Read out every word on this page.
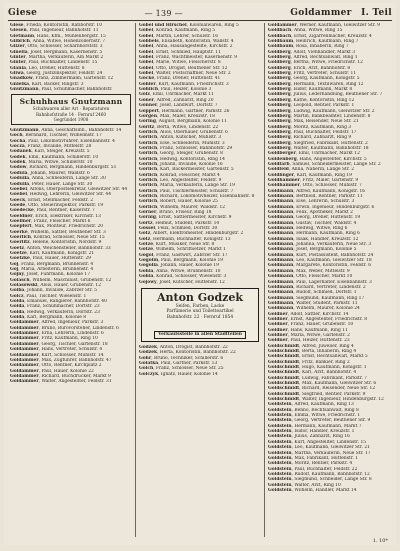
Giese	— 139 —	Goldammer I. Teil
Giese, Frieda, Kontoristin, Ratiborstr. 10
Giesen, Paul, Ingenieur, Bahnhofstr. 11
Gietmann, Hans, Kfm., Mühlenbergstr. 15
Gilbrich, Anna, Witwe, Hohenzollernstr. 7
Gilzer, Otto, Schlosser, Scharnhorststr. 3
Ginella, Josef, Bergmann, Kasernenstr. 5
Ginter, Martha, Verkäuferin, Am Markt 2
Ginter, Paul, Buchhalter, Lindenstr. 15
Glania, Leo, Dreher, Hüttenstr. 8
Gliwa, Georg, Justizinspektor, Feldstr. 24
Gnadkow, Franz, Zimmermann, Gartenstr. 12
Gnielka, Karl, Bäcker, Ringstr. 3
Gnutzmann, Paul, Schuhmacher, Bahnhofstr.
Schuhhaus Gnutzmann
Schuhwaren aller Art · Reparaturen
Bahnhofstraße 14 · Fernruf 2460
Gegründet 1908
Gnutzmann, Anna, Geschäftsinh., Bahnhofstr. 14
Goch, Bernhard, Tischler, Wilhelmstr. 17
Gocha, Paul, Lokomotivführer, Eisenbahnstr. 4
Gocza, Franz, Invalide, Mittelstr. 28
Godanek, Karl, Steiger, Kreuzstr. 5
Godek, Emil, Kaufmann, Schillerstr. 10
Godek, Maria, Witwe, Schillerstr. 10
Godow, Richard, Bergmann, Hindenburgstr. 51
Godula, Johann, Maurer, Waldstr. 6
Godulla, Anna, Schneiderin, Lange Str. 30
Godulla, Peter, Hauer, Lange Str. 30
Goebel, Alfons, Oberpostsekretär, Gleiwitzer Str. 44
Goebel, Hedwig, Lehrerin, Gleiwitzer Str. 44
Goeck, Ernst, Stellmacher, Feldstr. 2
Goede, Otto, Steuerinspektor, Parkstr. 19
Goedecke, Paul, Rentner, Kaiserstr. 7
Goeldner, Erich, Elektriker, Kirchstr. 13
Goellner, Franz, Fleischer, Markt 6
Goepfert, Max, Monteur, Friedrichstr. 20
Goerke, Wilhelm, Sattler, Beuthener Str. 3
Goerlich, Konrad, Schlosser, Neue Str. 15
Goerlitz, Helene, Kontoristin, Nordstr. 9
Goetz, Anton, Weichensteller, Bahnhofstr. 33
Goetze, Karl, Kaufmann, Königstr. 21
Goetzke, Paul, Hauer, Hüttenstr. 29
Goj, Franz, Bergmann, Brunnenstr. 4
Goj, Maria, Arbeiterin, Brunnenstr. 4
Gojny, Josef, Fuhrmann, Kolonie 17
Golasch, Wilhelm, Maschinist, Grubenstr. 12
Golasowski, Alois, Hauer, Grubenstr. 12
Golba, Johann, Invalide, Zabrzer Str. 5
Golcz, Paul, Tischler, Wiesenstr. 1
Golda, Emanuel, Rangierer, Bahnhofstr. 40
Golda, Franz, Schuhmacher, Dorfstr. 23
Golda, Hedwig, Verkäuferin, Dorfstr. 23
Golda, Karl, Bergmann, Kolonie 8
Goldammer, Alfred, Ingenieur, Parkstr. 3
Goldammer, Bruno, Bürovorsteher, Lindenstr. 6
Goldammer, Erna, Lehrerin, Lindenstr. 6
Goldammer, Fritz, Kaufmann, Ring 10
Goldammer, Georg, Tischler, Gartenstr. 18
Goldammer, Hans, Vertreter, Schulstr. 4
Goldammer, Kurt, Schlosser, Mühlstr. 14
Goldammer, Max, Zugführer, Bahnhofstr. 47
Goldammer, Otto, Rentner, Kirchplatz 2
Goldammer, Paul, Hauer, Kolonie 22
Goldammer, Richard, Buchdrucker, Markt 9
Goldammer, Walter, Angestellter, Feldstr. 31
Gobel und Hirschel, Kolonialwaren, Ring 5
Göbel, Konrad, Kaufmann, Ring 5
Göbel, Martin, Lehrer, Schulstr. 16
Göbbels, Elisabeth, Kontoristin, Wallstr. 4
Göbel, Anna, Hausangestellte, Kirchstr. 2
Göbel, Ernst, Schmied, Hauptstr. 11
Göbel, Franz, Wachtmeister, Kasernenstr. 9
Göbel, Marie, Witwe, Fleischerstr. 8
Göbel, Otto, Drogist, Beuthener Str. 12
Göbel, Walter, Postschaffner, Neue Str. 2
Göcke, Franz, Dreher, Hüttenstr. 41
Göhler, Kurt, Kaufmann, Friedrichstr. 3
Göhlich, Paul, Heizer, Kolonie 3
Gölz, Emil, Uhrmacher, Markt 11
Göner, Alfred, Zahnarzt, Ring 20
Gönner, Josef, Landwirt, Dorfstr. 7
Göppert, Hermann, Gärtner, Parkstr. 26
Görgen, Max, Maler, Kreuzstr. 18
Göring, August, Bergmann, Kolonie 11
Göritz, Berta, Witwe, Lindenstr. 22
Görlich, Alois, Oberhäuer, Grubenstr. 6
Görlich, Anton, Kutscher, Mühlstr. 3
Görlich, Else, Schneiderin, Mühlstr. 3
Görlich, Franz, Schlosser, Bahnhofstr. 29
Görlich, Georg, Steiger, Grubenstr. 8
Görlich, Hedwig, Kontoristin, Ring 14
Görlich, Johann, Invalide, Kolonie 16
Görlich, Karl, Bäckermeister, Gartenstr. 5
Görlich, Konrad, Fleischer, Markt 4
Görlich, Leo, Angestellter, Feldstr. 9
Görlich, Maria, Verkäuferin, Lange Str. 19
Görlich, Paul, Tischlermeister, Schulstr. 7
Görlich, Richard, Lokomotivheizer, Eisenbahnstr. 8
Görlich, Robert, Hauer, Kolonie 25
Görlich, Wilhelm, Maurer, Waldstr. 12
Görner, Bruno, Friseur, Ring 18
Görnig, Ernst, Sattlermeister, Kirchstr. 9
Görtz, Helmut, Student, Parkstr. 14
Gössel, Felix, Schmied, Dorfstr. 30
Götz, Albert, Elektromeister, Hindenburgstr. 2
Götz, Hermann, Buchhalter, Königstr. 13
Götze, Kurt, Musiker, Neue Str. 8
Götze, Wilhelm, Schriftsetzer, Markt 1
Gogol, Franz, Gastwirt, Zabrzer Str. 17
Gogolin, Paul, Bergmann, Kolonie 19
Gogolla, Johann, Hauer, Kolonie 19
Gohla, Anna, Witwe, Brunnenstr. 10
Gohla, Konrad, Schlosser, Wiesenstr. 3
Gojowy, Josef, Kutscher, Hüttenstr. 12
Anton Godzek
Seifen, Farben, Lacke
Parfümerie und Toiletteartikel
Bahnhofstr. 22 · Fernruf 1854
Verkaufsstelle in allen Stadtteilen
Godzek, Anton, Drogist, Bahnhofstr. 22
Godzek, Herta, Kontoristin, Bahnhofstr. 22
Gohr, Bruno, Techniker, Schillerstr. 6
Golatka, Paul, Gärtner, Parkstr. 13
Golch, Franz, Schlosser, Neue Str. 25
Golczyk, Ignatz, Hauer, Kolonie 14
Goldammer, Werner, Kaufmann, Gleiwitzer Str. 9
Goldbach, Anna, Witwe, Ring 15
Goldbach, Ernst, Zigarrenmacher, Kreuzstr. 4
Goldbaum, Heinrich, Kaufmann, Ring 7
Goldbaum, Rosa, Inhaberin, Ring 7
Goldberg, Adolf, Viehhändler, Markt 3
Goldberg, Alfred, Rechtsanwalt, Ring 1
Goldberg, Bertha, Witwe, Friedrichstr. 12
Goldberg, Erich, Arzt, Bahnhofstr. 8
Goldberg, Fritz, Vertreter, Schulstr. 11
Goldberg, Georg, Kaufmann, Königstr. 5
Goldberg, Hermann, Textilwaren, Ring 12
Goldberg, Isidor, Kaufmann, Markt 8
Goldberg, Julius, Lederhandlung, Beuthener Str. 7
Goldberg, Käthe, Kontoristin, Ring 12
Goldberg, Leopold, Rentier, Parkstr. 1
Goldberg, Ludwig, Kaufmann, Gleiwitzer Str. 2
Goldberg, Martin, Bankbeamter, Lindenstr. 8
Goldberg, Max, Reisender, Neue Str. 21
Goldberg, Moritz, Kaufmann, Ring 3
Goldberg, Paul, Buchhalter, Feldstr. 17
Goldberg, Richard, Zahnarzt, Ring 9
Goldberg, Siegfried, Fabrikant, Hüttenstr. 2
Goldberg, Walter, Kaufmann, Bahnhofstr. 18
Goldberger, Emil, Uhrmacher, Markt 12
Goldenberg, Hans, Angestellter, Kirchstr. 5
Goldfarb, Samuel, Schneidermeister, Lange Str. 2
Goldfeld, Anna, Näherin, Lange Str. 2
Goldfinger, Karl, Kaufmann, Ring 19
Goldhammer, Fritz, Maler, Gartenstr. 9
Goldhammer, Otto, Schlosser, Mühlstr. 7
Goldmann, Alfred, Kaufmann, Königstr. 16
Goldmann, Berthold, Rentner, Parkstr. 11
Goldmann, Else, Lehrerin, Schulstr. 3
Goldmann, Erwin, Ingenieur, Hindenburgstr. 6
Goldmann, Felix, Apotheker, Markt 2
Goldmann, Georg, Dreher, Hüttenstr. 19
Goldmann, Gustav, Tischler, Waldstr. 4
Goldmann, Hedwig, Witwe, Ring 6
Goldmann, Hermann, Kaufmann, Ring 6
Goldmann, Isaak, Händler, Kreuzstr. 12
Goldmann, Johanna, Verkäuferin, Neue Str. 3
Goldmann, Josef, Bergmann, Kolonie 5
Goldmann, Kurt, Postassistent, Bahnhofstr. 24
Goldmann, Leo, Kaufmann, Gleiwitzer Str. 18
Goldmann, Margarete, Kontoristin, Feldstr. 6
Goldmann, Max, Weber, Mittelstr. 9
Goldmann, Otto, Fleischer, Markt 10
Goldmann, Paul, Lagerhalter, Eisenbahnstr. 3
Goldmann, Richard, Vertreter, Lindenstr. 2
Goldmann, Rudolf, Schmied, Dorfstr. 1
Goldmann, Siegmund, Kaufmann, Ring 17
Goldmann, Walter, Student, Parkstr. 11
Goldmann, Wilhelm, Maurer, Kolonie 24
Goldner, Adolf, Sattler, Kirchstr. 14
Goldner, Ernst, Angestellter, Friedrichstr. 8
Goldner, Franz, Hauer, Grubenstr. 10
Goldner, Hans, Kaufmann, Ring 11
Goldner, Maria, Witwe, Gartenstr. 2
Goldner, Paul, Heizer, Hüttenstr. 23
Goldschmidt, Alfred, Juwelier, Ring 4
Goldschmidt, Berta, Inhaberin, Ring 4
Goldschmidt, Ernst, Rechtsanwalt, Markt 5
Goldschmidt, Fritz, Bankier, Ring 2
Goldschmidt, Hugo, Kaufmann, Königstr. 1
Goldschmidt, Karl, Arzt, Bahnhofstr. 4
Goldschmidt, Ludwig, Fabrikant, Parkstr. 7
Goldschmidt, Max, Kaufmann, Gleiwitzer Str. 6
Goldschmidt, Richard, Reisender, Neue Str. 12
Goldschmidt, Siegfried, Rentier, Parkstr. 9
Goldschmidt, Walter, Ingenieur, Hindenburgstr. 12
Goldstein, Alfred, Kaufmann, Ring 13
Goldstein, Benno, Rechtsanwalt, Ring 8
Goldstein, Emma, Witwe, Friedrichstr. 1
Goldstein, Georg, Vertreter, Beuthener Str. 9
Goldstein, Hermann, Kaufmann, Markt 7
Goldstein, Isidor, Händler, Kreuzstr. 1
Goldstein, Julius, Zahnarzt, Ring 16
Goldstein, Kurt, Angestellter, Lindenstr. 15
Goldstein, Leo, Kaufmann, Gleiwitzer Str. 21
Goldstein, Martha, Verkäuferin, Neue Str. 17
Goldstein, Max, Fabrikant, Hüttenstr. 1
Goldstein, Moritz, Rentier, Parkstr. 4
Goldstein, Paul, Buchhalter, Feldstr. 22
Goldstein, Rudolf, Kaufmann, Bahnhofstr. 12
Goldstein, Siegmund, Schneider, Lange Str. 8
Goldstein, Walter, Arzt, Ring 10
Goldstein, Wilhelm, Händler, Markt 14
1. 10*
